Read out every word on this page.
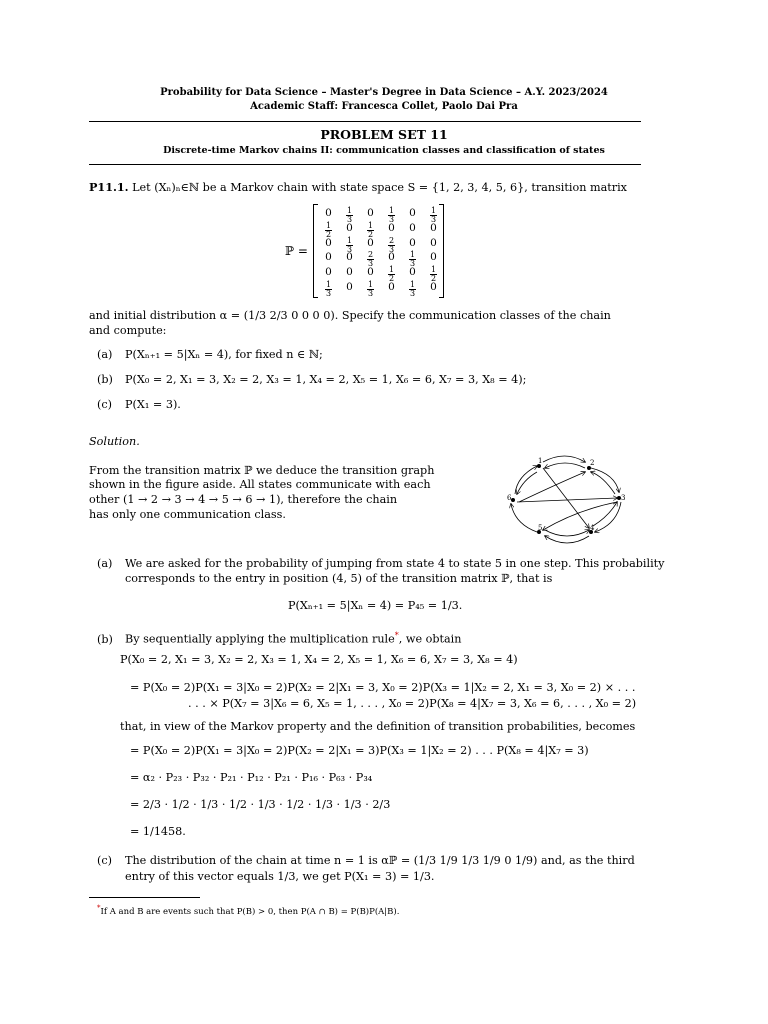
Probability for Data Science – Master's Degree in Data Science – A.Y. 2023/2024
Academic Staff: Francesca Collet, Paolo Dai Pra
PROBLEM SET 11
Discrete-time Markov chains II: communication classes and classification of states
P11.1. Let (Xₙ)ₙ∈ℕ be a Markov chain with state space S = {1, 2, 3, 4, 5, 6}, transition matrix
ℙ =
0	$\frac{1}{3}$	0	$\frac{1}{3}$	0	$\frac{1}{3}$
$\frac{1}{2}$	0	$\frac{1}{2}$	0	0	0
0	$\frac{1}{3}$	0	$\frac{2}{3}$	0	0
0	0	$\frac{2}{3}$	0	$\frac{1}{3}$	0
0	0	0	$\frac{1}{2}$	0	$\frac{1}{2}$
$\frac{1}{3}$	0	$\frac{1}{3}$	0	$\frac{1}{3}$	0
and initial distribution α = (1/3 2/3 0 0 0 0). Specify the communication classes of the chain
and compute:
(a) P(Xₙ₊₁ = 5|Xₙ = 4), for fixed n ∈ ℕ;
(b) P(X₀ = 2, X₁ = 3, X₂ = 2, X₃ = 1, X₄ = 2, X₅ = 1, X₆ = 6, X₇ = 3, X₈ = 4);
(c) P(X₁ = 3).
Solution.
From the transition matrix ℙ we deduce the transition graph
shown in the figure aside. All states communicate with each
other (1 → 2 → 3 → 4 → 5 → 6 → 1), therefore the chain
has only one communication class.
1	2
3
4
5
6
(a) We are asked for the probability of jumping from state 4 to state 5 in one step. This probability
corresponds to the entry in position (4, 5) of the transition matrix ℙ, that is
P(Xₙ₊₁ = 5|Xₙ = 4) = P₄₅ = 1/3.
(b) By sequentially applying the multiplication rule*, we obtain
P(X₀ = 2, X₁ = 3, X₂ = 2, X₃ = 1, X₄ = 2, X₅ = 1, X₆ = 6, X₇ = 3, X₈ = 4)
= P(X₀ = 2)P(X₁ = 3|X₀ = 2)P(X₂ = 2|X₁ = 3, X₀ = 2)P(X₃ = 1|X₂ = 2, X₁ = 3, X₀ = 2) × . . .
. . . × P(X₇ = 3|X₆ = 6, X₅ = 1, . . . , X₀ = 2)P(X₈ = 4|X₇ = 3, X₆ = 6, . . . , X₀ = 2)
that, in view of the Markov property and the definition of transition probabilities, becomes
= P(X₀ = 2)P(X₁ = 3|X₀ = 2)P(X₂ = 2|X₁ = 3)P(X₃ = 1|X₂ = 2) . . . P(X₈ = 4|X₇ = 3)
= α₂ · P₂₃ · P₃₂ · P₂₁ · P₁₂ · P₂₁ · P₁₆ · P₆₃ · P₃₄
= 2/3 · 1/2 · 1/3 · 1/2 · 1/3 · 1/2 · 1/3 · 1/3 · 2/3
= 1/1458.
(c) The distribution of the chain at time n = 1 is αℙ = (1/3 1/9 1/3 1/9 0 1/9) and, as the third
entry of this vector equals 1/3, we get P(X₁ = 3) = 1/3.
*If A and B are events such that P(B) > 0, then P(A ∩ B) = P(B)P(A|B).
